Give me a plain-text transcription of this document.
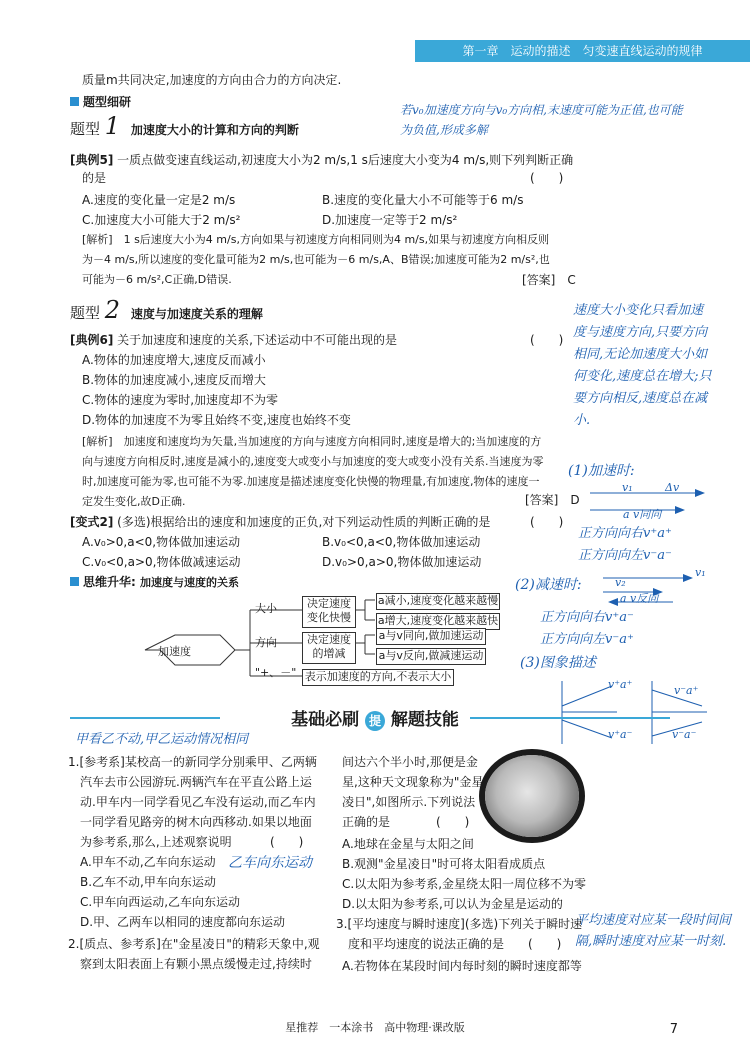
第一章　运动的描述　匀变速直线运动的规律
质量m共同决定,加速度的方向由合力的方向决定.
题型细研
题型 1 加速度大小的计算和方向的判断
若v₀加速度方向与v₀方向相,末速度可能为正值,也可能为负值,形成多解
[典例5] 一质点做变速直线运动,初速度大小为2 m/s,1 s后速度大小变为4 m/s,则下列判断正确
的是	(　　)
A.速度的变化量一定是2 m/s	B.速度的变化量大小不可能等于6 m/s
C.加速度大小可能大于2 m/s²	D.加速度一定等于2 m/s²
[解析]　1 s后速度大小为4 m/s,方向如果与初速度方向相同则为4 m/s,如果与初速度方向相反则
为－4 m/s,所以速度的变化量可能为2 m/s,也可能为－6 m/s,A、B错误;加速度可能为2 m/s²,也
可能为－6 m/s²,C正确,D错误.	[答案]　C
题型 2 速度与加速度关系的理解	速度大小变化只看加速度与速度方向,只要方向相同,无论加速度大小如何变化,速度总在增大;只要方向相反,速度总在减小.
[典例6] 关于加速度和速度的关系,下述运动中不可能出现的是	(　　)
A.物体的加速度增大,速度反而减小
B.物体的加速度减小,速度反而增大
C.物体的速度为零时,加速度却不为零
D.物体的加速度不为零且始终不变,速度也始终不变
[解析]　加速度和速度均为矢量,当加速度的方向与速度方向相同时,速度是增大的;当加速度的方
向与速度方向相反时,速度是减小的,速度变大或变小与加速度的变大或变小没有关系.当速度为零
时,加速度可能为零,也可能不为零.加速度是描述速度变化快慢的物理量,有加速度,物体的速度一
定发生变化,故D正确.	[答案]　D
[变式2] (多选)根据给出的速度和加速度的正负,对下列运动性质的判断正确的是	(　　)
A.v₀>0,a<0,物体做加速运动	B.v₀<0,a<0,物体做加速运动
C.v₀<0,a>0,物体做减速运动	D.v₀>0,a>0,物体做加速运动
思维升华: 加速度与速度的关系
加速度
大小
方向
"+、－"
决定速度变化快慢
决定速度的增减
表示加速度的方向,不表示大小
a减小,速度变化越来越慢
a增大,速度变化越来越快
a与v同向,做加速运动
a与v反向,做减速运动
(1)加速时:
v₁	Δv
a v同向
正方向向右v⁺a⁺
正方向向左v⁻a⁻
(2)减速时:
v₁
v₂
a v反向
正方向向右v⁺a⁻
正方向向左v⁻a⁺
(3)图象描述
v⁺a⁺
v⁺a⁻
v⁻a⁺
v⁻a⁻
基础必刷 提 解题技能
甲看乙不动,甲乙运动情况相同
1.[参考系]某校高一的新同学分别乘甲、乙两辆
汽车去市公园游玩.两辆汽车在平直公路上运
动.甲车内一同学看见乙车没有运动,而乙车内
一同学看见路旁的树木向西移动.如果以地面
为参考系,那么,上述观察说明	(　　)
A.甲车不动,乙车向东运动 乙车向东运动
B.乙车不动,甲车向东运动
C.甲车向西运动,乙车向东运动
D.甲、乙两车以相同的速度都向东运动
2.[质点、参考系]在"金星凌日"的精彩天象中,观
察到太阳表面上有颗小黑点缓慢走过,持续时
间达六个半小时,那便是金
星,这种天文现象称为"金星
凌日",如图所示.下列说法
正确的是	(　　)
A.地球在金星与太阳之间
B.观测"金星凌日"时可将太阳看成质点
C.以太阳为参考系,金星绕太阳一周位移不为零
D.以太阳为参考系,可以认为金星是运动的
3.[平均速度与瞬时速度](多选)下列关于瞬时速
度和平均速度的说法正确的是 (　　)
A.若物体在某段时间内每时刻的瞬时速度都等
平均速度对应某一段时间间隔,瞬时速度对应某一时刻.
星推荐　一本涂书　高中物理·课改版	7
